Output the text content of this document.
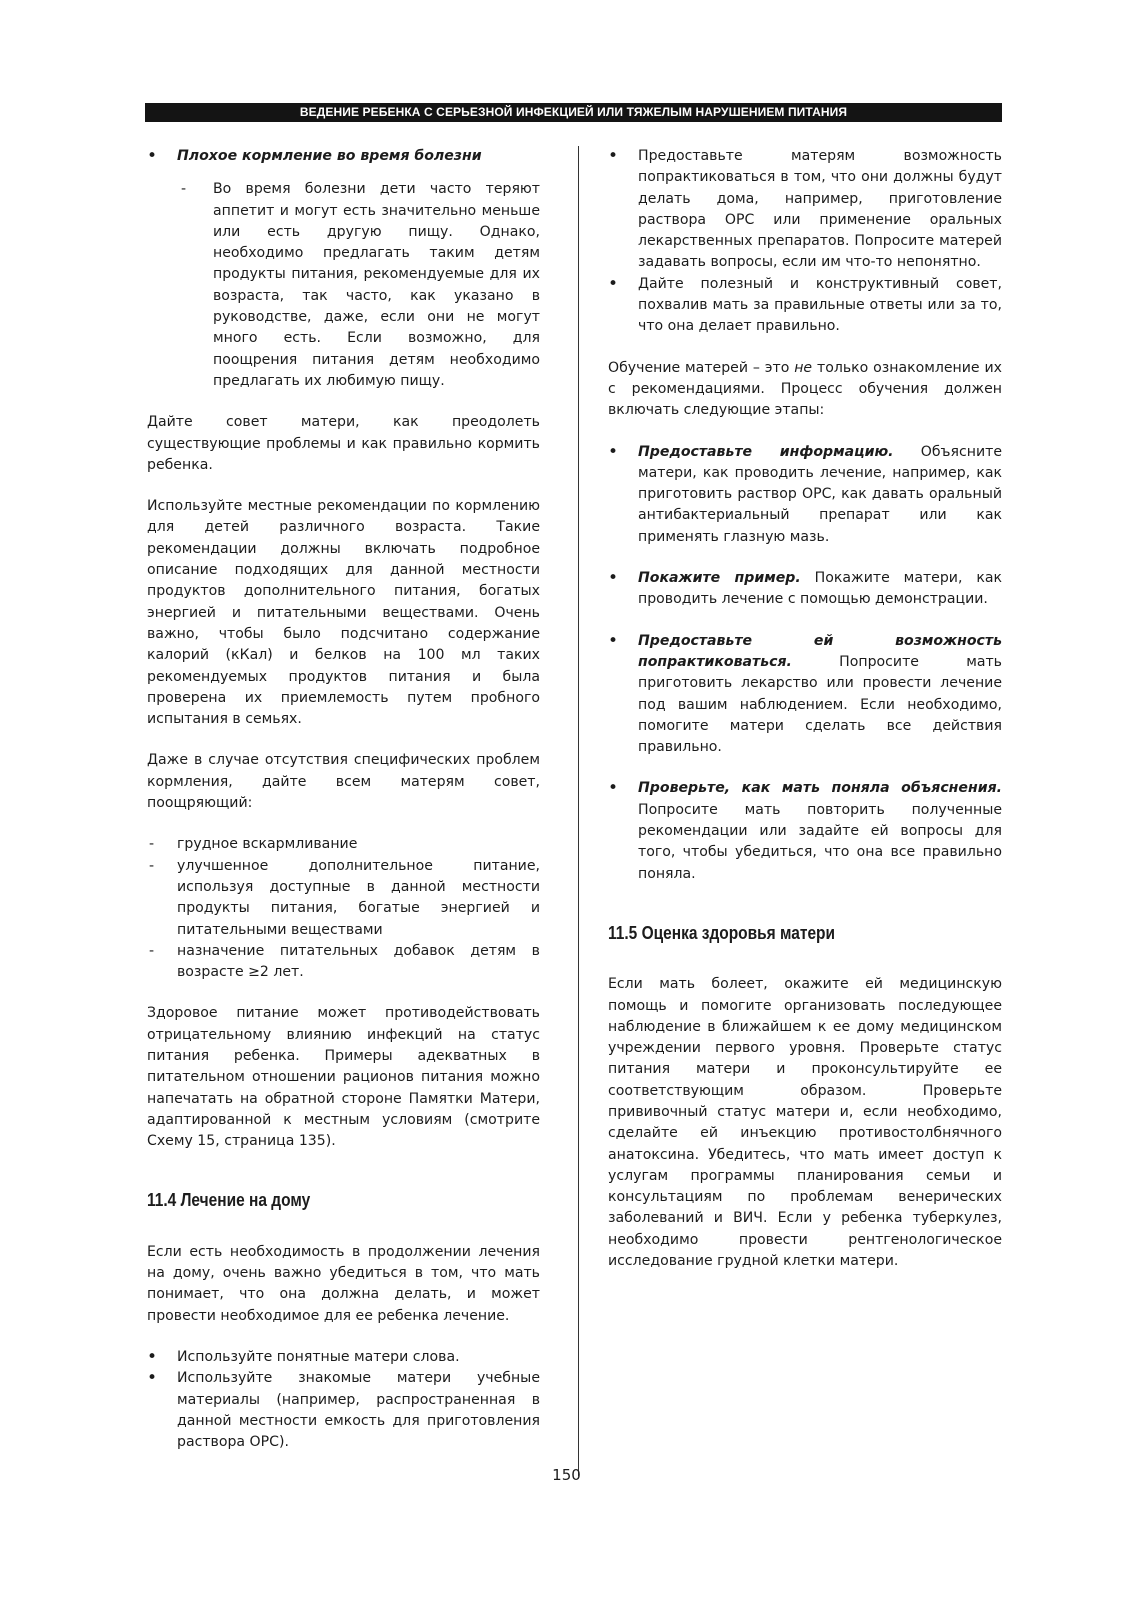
ВЕДЕНИЕ РЕБЕНКА С СЕРЬЕЗНОЙ ИНФЕКЦИЕЙ ИЛИ ТЯЖЕЛЫМ НАРУШЕНИЕМ ПИТАНИЯ
• Плохое кормление во время болезни
- Во время болезни дети часто теряют аппетит и могут есть значительно меньше или есть другую пищу. Однако, необходимо предлагать таким детям продукты питания, рекомендуемые для их возраста, так часто, как указано в руководстве, даже, если они не могут много есть. Если возможно, для поощрения питания детям необходимо предлагать их любимую пищу.

Дайте совет матери, как преодолеть существующие проблемы и как правильно кормить ребенка.

Используйте местные рекомендации по кормлению для детей различного возраста. Такие рекомендации должны включать подробное описание подходящих для данной местности продуктов дополнительного питания, богатых энергией и питательными веществами. Очень важно, чтобы было подсчитано содержание калорий (кКал) и белков на 100 мл таких рекомендуемых продуктов питания и была проверена их приемлемость путем пробного испытания в семьях.

Даже в случае отсутствия специфических проблем кормления, дайте всем матерям совет, поощряющий:

- грудное вскармливание
- улучшенное дополнительное питание, используя доступные в данной местности продукты питания, богатые энергией и питательными веществами
- назначение питательных добавок детям в возрасте ≥2 лет.

Здоровое питание может противодействовать отрицательному влиянию инфекций на статус питания ребенка. Примеры адекватных в питательном отношении рационов питания можно напечатать на обратной стороне Памятки Матери, адаптированной к местным условиям (смотрите Схему 15, страница 135).

11.4 Лечение на дому

Если есть необходимость в продолжении лечения на дому, очень важно убедиться в том, что мать понимает, что она должна делать, и может провести необходимое для ее ребенка лечение.

• Используйте понятные матери слова.
• Используйте знакомые матери учебные материалы (например, распространенная в данной местности емкость для приготовления раствора ОРС).
• Предоставьте матерям возможность попрактиковаться в том, что они должны будут делать дома, например, приготовление раствора ОРС или применение оральных лекарственных препаратов. Попросите матерей задавать вопросы, если им что-то непонятно.
• Дайте полезный и конструктивный совет, похвалив мать за правильные ответы или за то, что она делает правильно.

Обучение матерей – это не только ознакомление их с рекомендациями. Процесс обучения должен включать следующие этапы:

• Предоставьте информацию. Объясните матери, как проводить лечение, например, как приготовить раствор ОРС, как давать оральный антибактериальный препарат или как применять глазную мазь.
• Покажите пример. Покажите матери, как проводить лечение с помощью демонстрации.
• Предоставьте ей возможность попрактиковаться. Попросите мать приготовить лекарство или провести лечение под вашим наблюдением. Если необходимо, помогите матери сделать все действия правильно.
• Проверьте, как мать поняла объяснения. Попросите мать повторить полученные рекомендации или задайте ей вопросы для того, чтобы убедиться, что она все правильно поняла.
11.5 Оценка здоровья матери

Если мать болеет, окажите ей медицинскую помощь и помогите организовать последующее наблюдение в ближайшем к ее дому медицинском учреждении первого уровня. Проверьте статус питания матери и проконсультируйте ее соответствующим образом. Проверьте прививочный статус матери и, если необходимо, сделайте ей инъекцию противостолбнячного анатоксина. Убедитесь, что мать имеет доступ к услугам программы планирования семьи и консультациям по проблемам венерических заболеваний и ВИЧ. Если у ребенка туберкулез, необходимо провести рентгенологическое исследование грудной клетки матери.

150
